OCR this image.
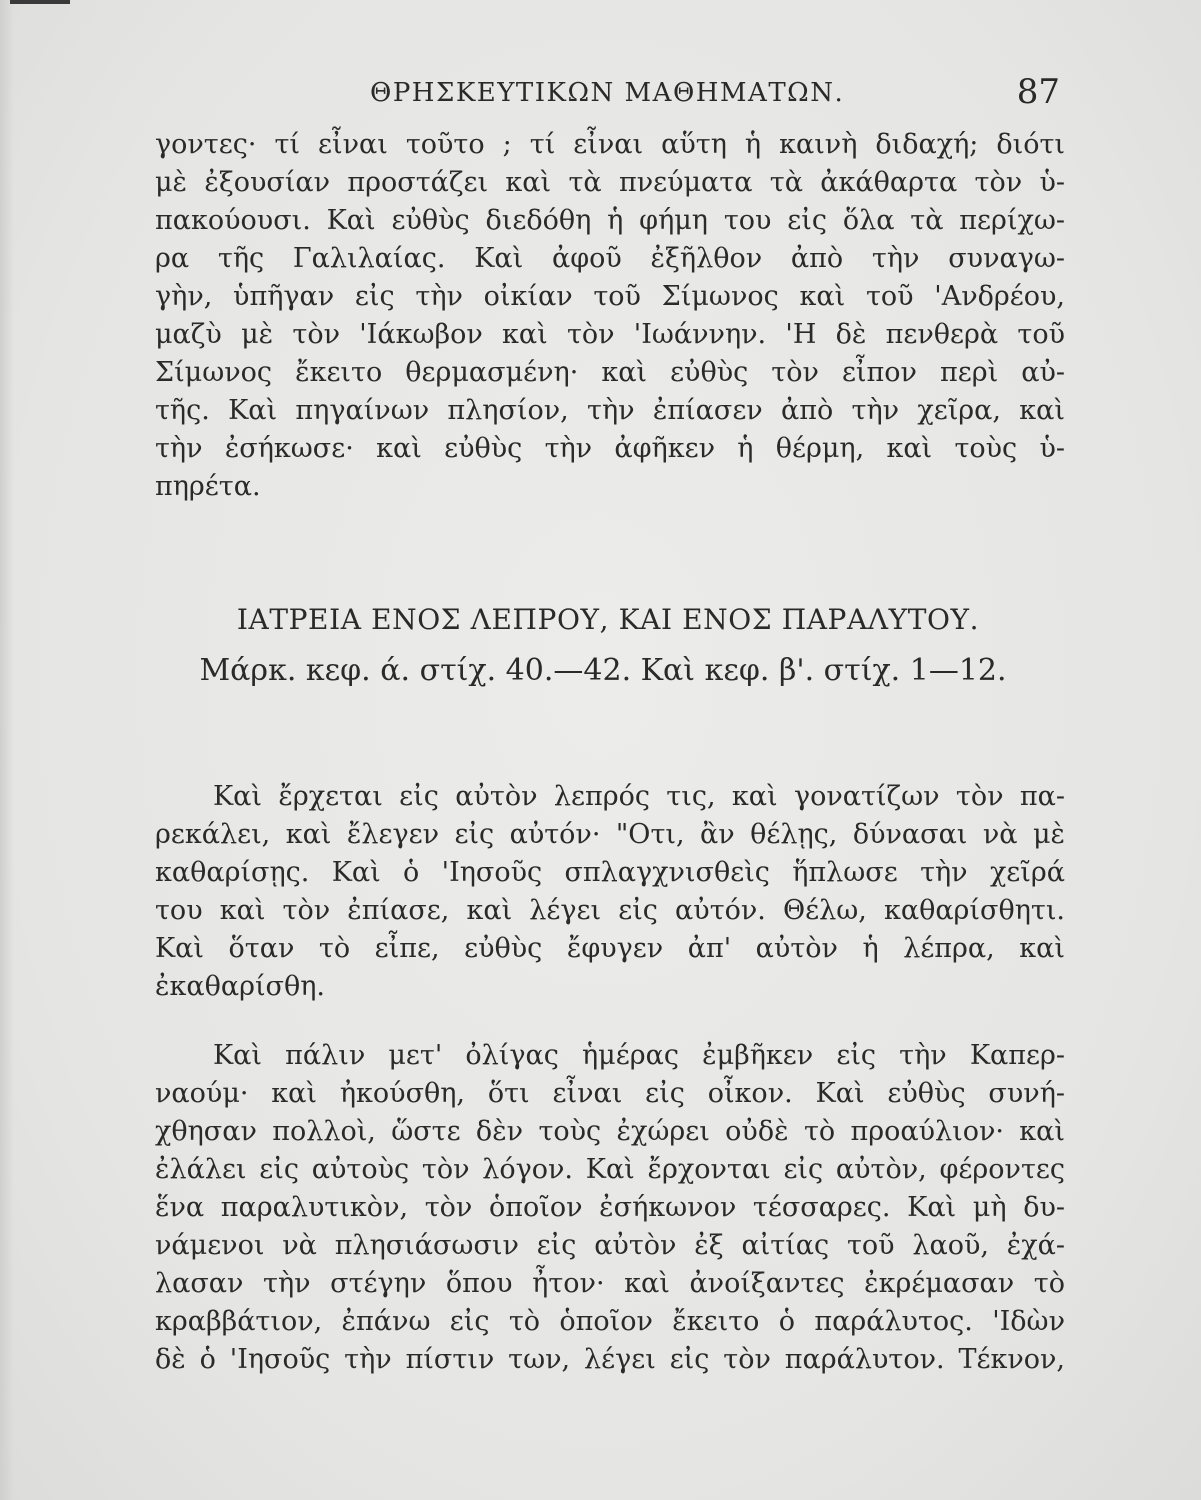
ΘΡΗΣΚΕΥΤΙΚΩΝ ΜΑΘΗΜΑΤΩΝ.	87
γοντες· τί εἶναι τοῦτο ; τί εἶναι αὕτη ἡ καινὴ διδαχή; διότι
μὲ ἐξουσίαν προστάζει καὶ τὰ πνεύματα τὰ ἀκάθαρτα τὸν ὑ-
πακούουσι. Καὶ εὐθὺς διεδόθη ἡ φήμη του εἰς ὅλα τὰ περίχω-
ρα τῆς Γαλιλαίας. Καὶ ἀφοῦ ἐξῆλθον ἀπὸ τὴν συναγω-
γὴν, ὑπῆγαν εἰς τὴν οἰκίαν τοῦ Σίμωνος καὶ τοῦ 'Ανδρέου,
μαζὺ μὲ τὸν 'Ιάκωβον καὶ τὸν 'Ιωάννην. 'Η δὲ πενθερὰ τοῦ
Σίμωνος ἔκειτο θερμασμένη· καὶ εὐθὺς τὸν εἶπον περὶ αὐ-
τῆς. Καὶ πηγαίνων πλησίον, τὴν ἐπίασεν ἀπὸ τὴν χεῖρα, καὶ
τὴν ἐσήκωσε· καὶ εὐθὺς τὴν ἀφῆκεν ἡ θέρμη, καὶ τοὺς ὑ-
πηρέτα.
ΙΑΤΡΕΙΑ ΕΝΟΣ ΛΕΠΡΟΥ, ΚΑΙ ΕΝΟΣ ΠΑΡΑΛΥΤΟΥ.
Μάρκ. κεφ. ά. στίχ. 40.—42. Καὶ κεφ. β'. στίχ. 1—12.
Καὶ ἔρχεται εἰς αὐτὸν λεπρός τις, καὶ γονατίζων τὸν πα-
ρεκάλει, καὶ ἔλεγεν εἰς αὐτόν· "Οτι, ἂν θέλῃς, δύνασαι νὰ μὲ
καθαρίσῃς. Καὶ ὁ 'Ιησοῦς σπλαγχνισθεὶς ἥπλωσε τὴν χεῖρά
του καὶ τὸν ἐπίασε, καὶ λέγει εἰς αὐτόν. Θέλω, καθαρίσθητι.
Καὶ ὅταν τὸ εἶπε, εὐθὺς ἔφυγεν ἀπ' αὐτὸν ἡ λέπρα, καὶ
ἐκαθαρίσθη.
Καὶ πάλιν μετ' ὀλίγας ἡμέρας ἐμβῆκεν εἰς τὴν Καπερ-
ναούμ· καὶ ἠκούσθη, ὅτι εἶναι εἰς οἶκον. Καὶ εὐθὺς συνή-
χθησαν πολλοὶ, ὥστε δὲν τοὺς ἐχώρει οὐδὲ τὸ προαύλιον· καὶ
ἐλάλει εἰς αὐτοὺς τὸν λόγον. Καὶ ἔρχονται εἰς αὐτὸν, φέροντες
ἕνα παραλυτικὸν, τὸν ὁποῖον ἐσήκωνον τέσσαρες. Καὶ μὴ δυ-
νάμενοι νὰ πλησιάσωσιν εἰς αὐτὸν ἐξ αἰτίας τοῦ λαοῦ, ἐχά-
λασαν τὴν στέγην ὅπου ἦτον· καὶ ἀνοίξαντες ἐκρέμασαν τὸ
κραββάτιον, ἐπάνω εἰς τὸ ὁποῖον ἔκειτο ὁ παράλυτος. 'Ιδὼν
δὲ ὁ 'Ιησοῦς τὴν πίστιν των, λέγει εἰς τὸν παράλυτον. Τέκνον,
